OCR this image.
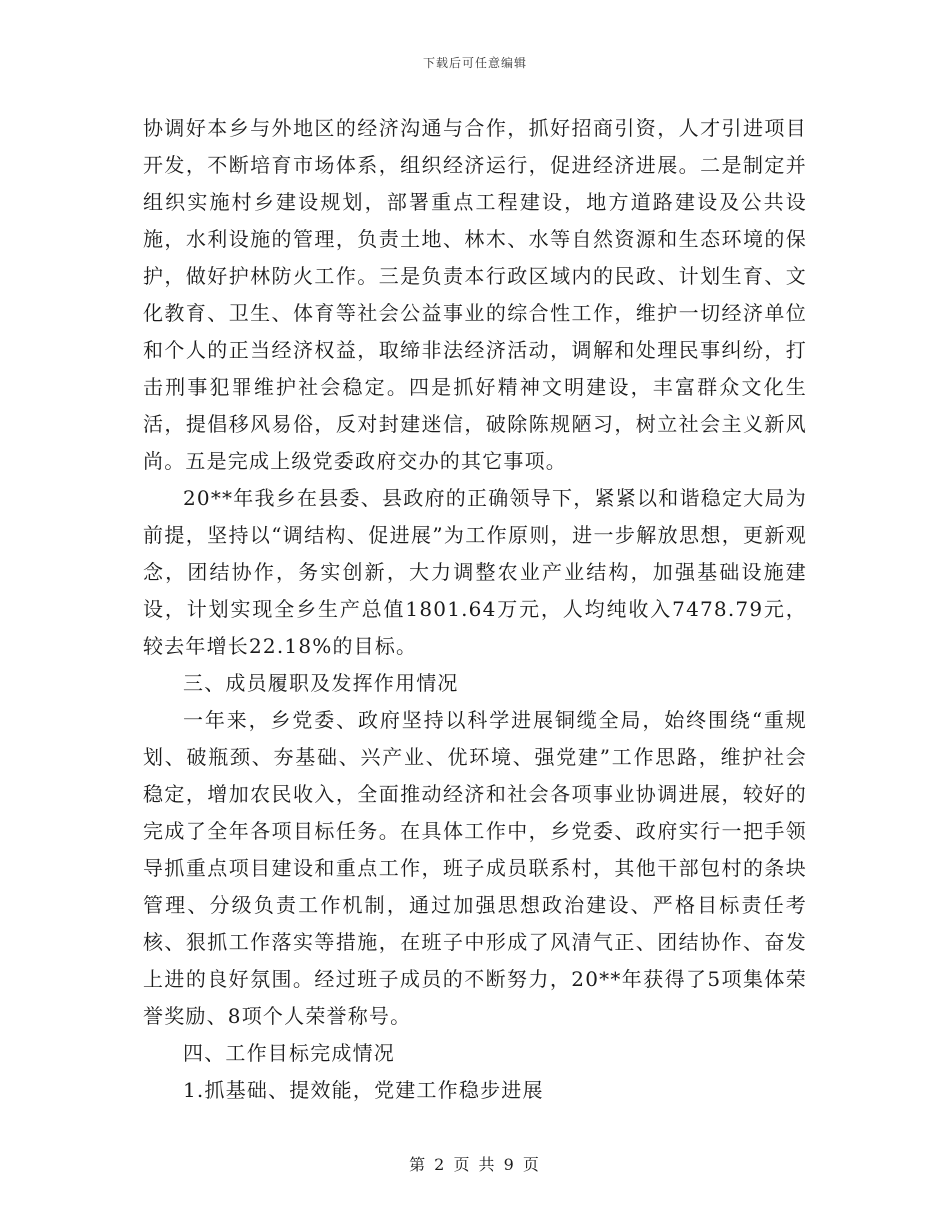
下载后可任意编辑

协调好本乡与外地区的经济沟通与合作，抓好招商引资，人才引进项目开发，不断培育市场体系，组织经济运行，促进经济进展。二是制定并组织实施村乡建设规划，部署重点工程建设，地方道路建设及公共设施，水利设施的管理，负责土地、林木、水等自然资源和生态环境的保护，做好护林防火工作。三是负责本行政区域内的民政、计划生育、文化教育、卫生、体育等社会公益事业的综合性工作，维护一切经济单位和个人的正当经济权益，取缔非法经济活动，调解和处理民事纠纷，打击刑事犯罪维护社会稳定。四是抓好精神文明建设，丰富群众文化生活，提倡移风易俗，反对封建迷信，破除陈规陋习，树立社会主义新风尚。五是完成上级党委政府交办的其它事项。

20**年我乡在县委、县政府的正确领导下，紧紧以和谐稳定大局为前提，坚持以“调结构、促进展”为工作原则，进一步解放思想，更新观念，团结协作，务实创新，大力调整农业产业结构，加强基础设施建设，计划实现全乡生产总值1801.64万元，人均纯收入7478.79元，较去年增长22.18%的目标。

三、成员履职及发挥作用情况

一年来，乡党委、政府坚持以科学进展铜缆全局，始终围绕“重规划、破瓶颈、夯基础、兴产业、优环境、强党建”工作思路，维护社会稳定，增加农民收入，全面推动经济和社会各项事业协调进展，较好的完成了全年各项目标任务。在具体工作中，乡党委、政府实行一把手领导抓重点项目建设和重点工作，班子成员联系村，其他干部包村的条块管理、分级负责工作机制，通过加强思想政治建设、严格目标责任考核、狠抓工作落实等措施，在班子中形成了风清气正、团结协作、奋发上进的良好氛围。经过班子成员的不断努力，20**年获得了5项集体荣誉奖励、8项个人荣誉称号。

四、工作目标完成情况

1.抓基础、提效能，党建工作稳步进展

第 2 页 共 9 页
